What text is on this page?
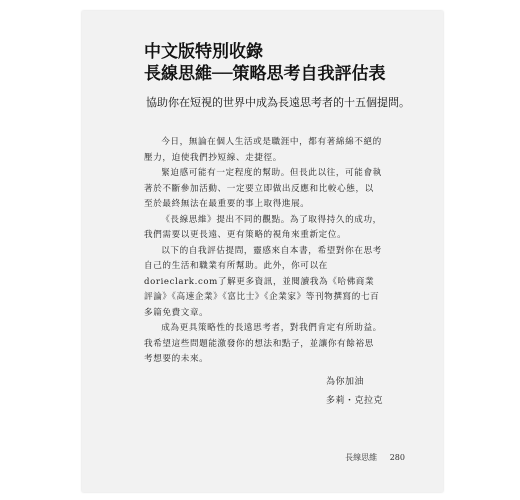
中文版特別收錄
長線思維──策略思考自我評估表
協助你在短視的世界中成為長遠思考者的十五個提問。

今日，無論在個人生活或是職涯中，都有著綿綿不絕的壓力，迫使我們抄短線、走捷徑。

緊迫感可能有一定程度的幫助。但長此以往，可能會執著於不斷參加活動、一定要立即做出反應和比較心態，以至於最終無法在最重要的事上取得進展。

《長線思維》提出不同的觀點。為了取得持久的成功，我們需要以更長遠、更有策略的視角來重新定位。

以下的自我評估提問，靈感來自本書，希望對你在思考自己的生活和職業有所幫助。此外，你可以在dorieclark.com了解更多資訊，並閱讀我為《哈佛商業評論》《高速企業》《富比士》《企業家》等刊物撰寫的七百多篇免費文章。

成為更具策略性的長遠思考者，對我們肯定有所助益。我希望這些問題能激發你的想法和點子，並讓你有餘裕思考想要的未來。

為你加油
多莉・克拉克
長線思維 280
